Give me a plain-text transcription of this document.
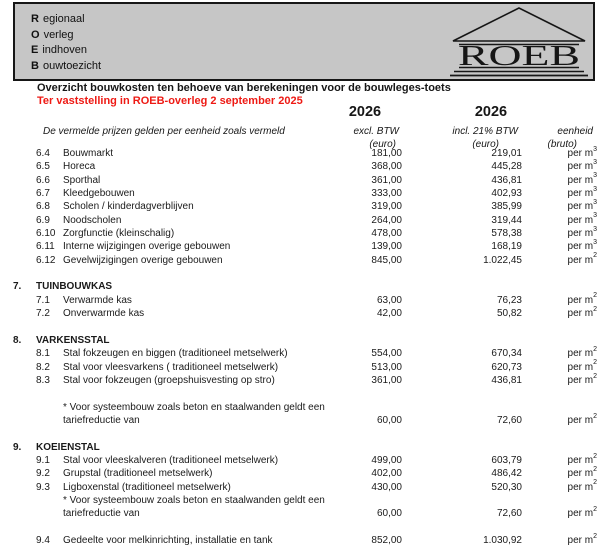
R egionaal
O verleg
E indhoven
B ouwtoezicht	ROEB
Overzicht bouwkosten ten behoeve van berekeningen voor de bouwleges-toets
Ter vaststelling in ROEB-overleg 2 september 2025
2026	2026
De vermelde prijzen gelden per eenheid zoals vermeld	excl. BTW	incl. 21% BTW	eenheid
(euro)	(euro)	(bruto)
6.4	Bouwmarkt	181,00	219,01	per $m^3$
6.5	Horeca	368,00	445,28	per $m^3$
6.6	Sporthal	361,00	436,81	per $m^3$
6.7	Kleedgebouwen	333,00	402,93	per $m^3$
6.8	Scholen / kinderdagverblijven	319,00	385,99	per $m^3$
6.9	Noodscholen	264,00	319,44	per $m^3$
6.10 Zorgfunctie (kleinschalig)	478,00	578,38	per $m^3$
6.11 Interne wijzigingen overige gebouwen	139,00	168,19	per $m^3$
6.12 Gevelwijzigingen overige gebouwen	845,00	1.022,45	per $m^2$
7.	TUINBOUWKAS
7.1	Verwarmde kas	63,00	76,23	per $m^2$
7.2	Onverwarmde kas	42,00	50,82	per $m^2$
8.	VARKENSSTAL
8.1	Stal fokzeugen en biggen (traditioneel metselwerk)	554,00	670,34	per $m^2$
8.2	Stal voor vleesvarkens ( traditioneel metselwerk)	513,00	620,73	per $m^2$
8.3	Stal voor fokzeugen (groepshuisvesting op stro)	361,00	436,81	per $m^2$
* Voor systeembouw zoals beton en staalwanden geldt een
tariefreductie van	60,00	72,60	per $m^2$
9.	KOEIENSTAL
9.1	Stal voor vleeskalveren (traditioneel metselwerk)	499,00	603,79	per $m^2$
9.2	Grupstal (traditioneel metselwerk)	402,00	486,42	per $m^2$
9.3	Ligboxenstal (traditioneel metselwerk)	430,00	520,30	per $m^2$
* Voor systeembouw zoals beton en staalwanden geldt een
tariefreductie van	60,00	72,60	per $m^2$
9.4	Gedeelte voor melkinrichting, installatie en tank	852,00	1.030,92	per $m^2$
